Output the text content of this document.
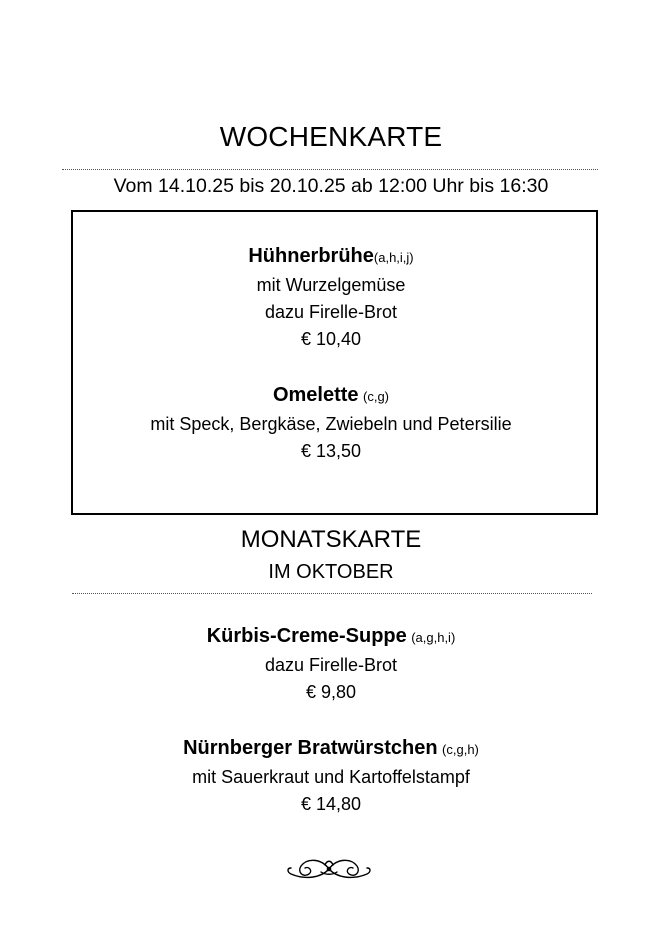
WOCHENKARTE
Vom 14.10.25 bis 20.10.25 ab 12:00 Uhr bis 16:30
Hühnerbrühe(a,h,i,j)
mit Wurzelgemüse
dazu Firelle-Brot
€ 10,40
Omelette (c,g)
mit Speck, Bergkäse, Zwiebeln und Petersilie
€ 13,50
MONATSKARTE
IM OKTOBER
Kürbis-Creme-Suppe (a,g,h,i)
dazu Firelle-Brot
€ 9,80
Nürnberger Bratwürstchen (c,g,h)
mit Sauerkraut und Kartoffelstampf
€ 14,80
